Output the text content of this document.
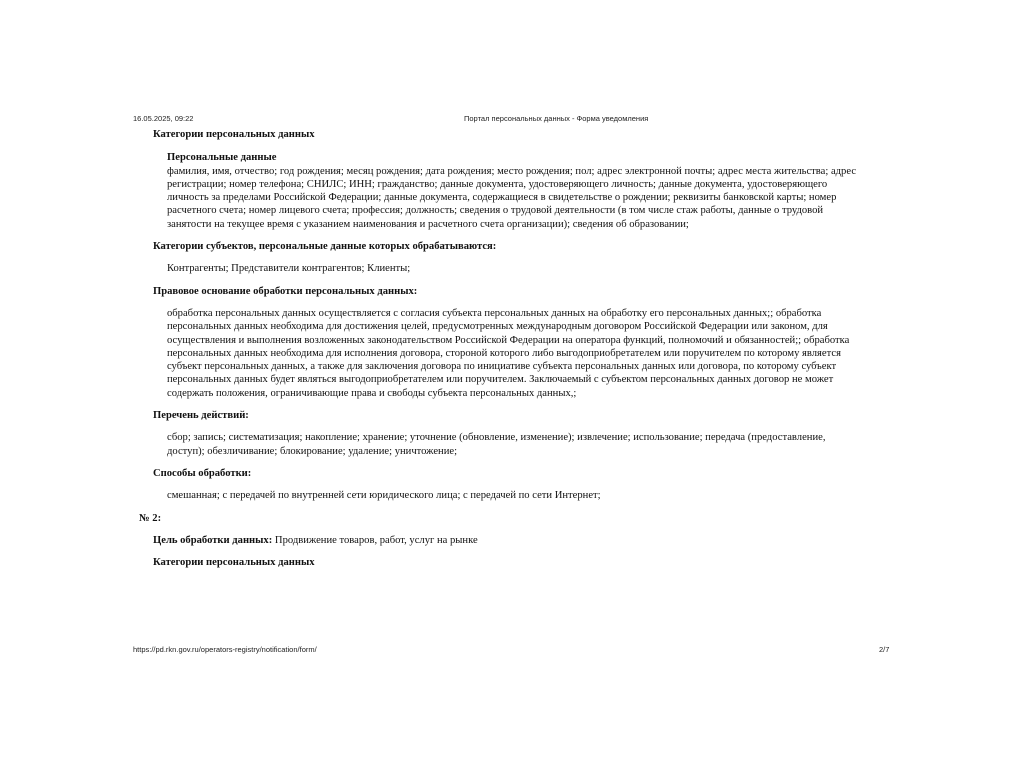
16.05.2025, 09:22	Портал персональных данных - Форма уведомления

Категории персональных данных

Персональные данные

фамилия, имя, отчество; год рождения; месяц рождения; дата рождения; место рождения; пол; адрес электронной почты; адрес места жительства; адрес регистрации; номер телефона; СНИЛС; ИНН; гражданство; данные документа, удостоверяющего личность; данные документа, удостоверяющего личность за пределами Российской Федерации; данные документа, содержащиеся в свидетельстве о рождении; реквизиты банковской карты; номер расчетного счета; номер лицевого счета; профессия; должность; сведения о трудовой деятельности (в том числе стаж работы, данные о трудовой занятости на текущее время с указанием наименования и расчетного счета организации); сведения об образовании;

Категории субъектов, персональные данные которых обрабатываются:

Контрагенты; Представители контрагентов; Клиенты;

Правовое основание обработки персональных данных:

обработка персональных данных осуществляется с согласия субъекта персональных данных на обработку его персональных данных;; обработка персональных данных необходима для достижения целей, предусмотренных международным договором Российской Федерации или законом, для осуществления и выполнения возложенных законодательством Российской Федерации на оператора функций, полномочий и обязанностей;; обработка персональных данных необходима для исполнения договора, стороной которого либо выгодоприобретателем или поручителем по которому является субъект персональных данных, а также для заключения договора по инициативе субъекта персональных данных или договора, по которому субъект персональных данных будет являться выгодоприобретателем или поручителем. Заключаемый с субъектом персональных данных договор не может содержать положения, ограничивающие права и свободы субъекта персональных данных,;

Перечень действий:

сбор; запись; систематизация; накопление; хранение; уточнение (обновление, изменение); извлечение; использование; передача (предоставление, доступ); обезличивание; блокирование; удаление; уничтожение;

Способы обработки:

смешанная; с передачей по внутренней сети юридического лица; с передачей по сети Интернет;

№ 2:

Цель обработки данных: Продвижение товаров, работ, услуг на рынке

Категории персональных данных

https://pd.rkn.gov.ru/operators-registry/notification/form/	2/7
